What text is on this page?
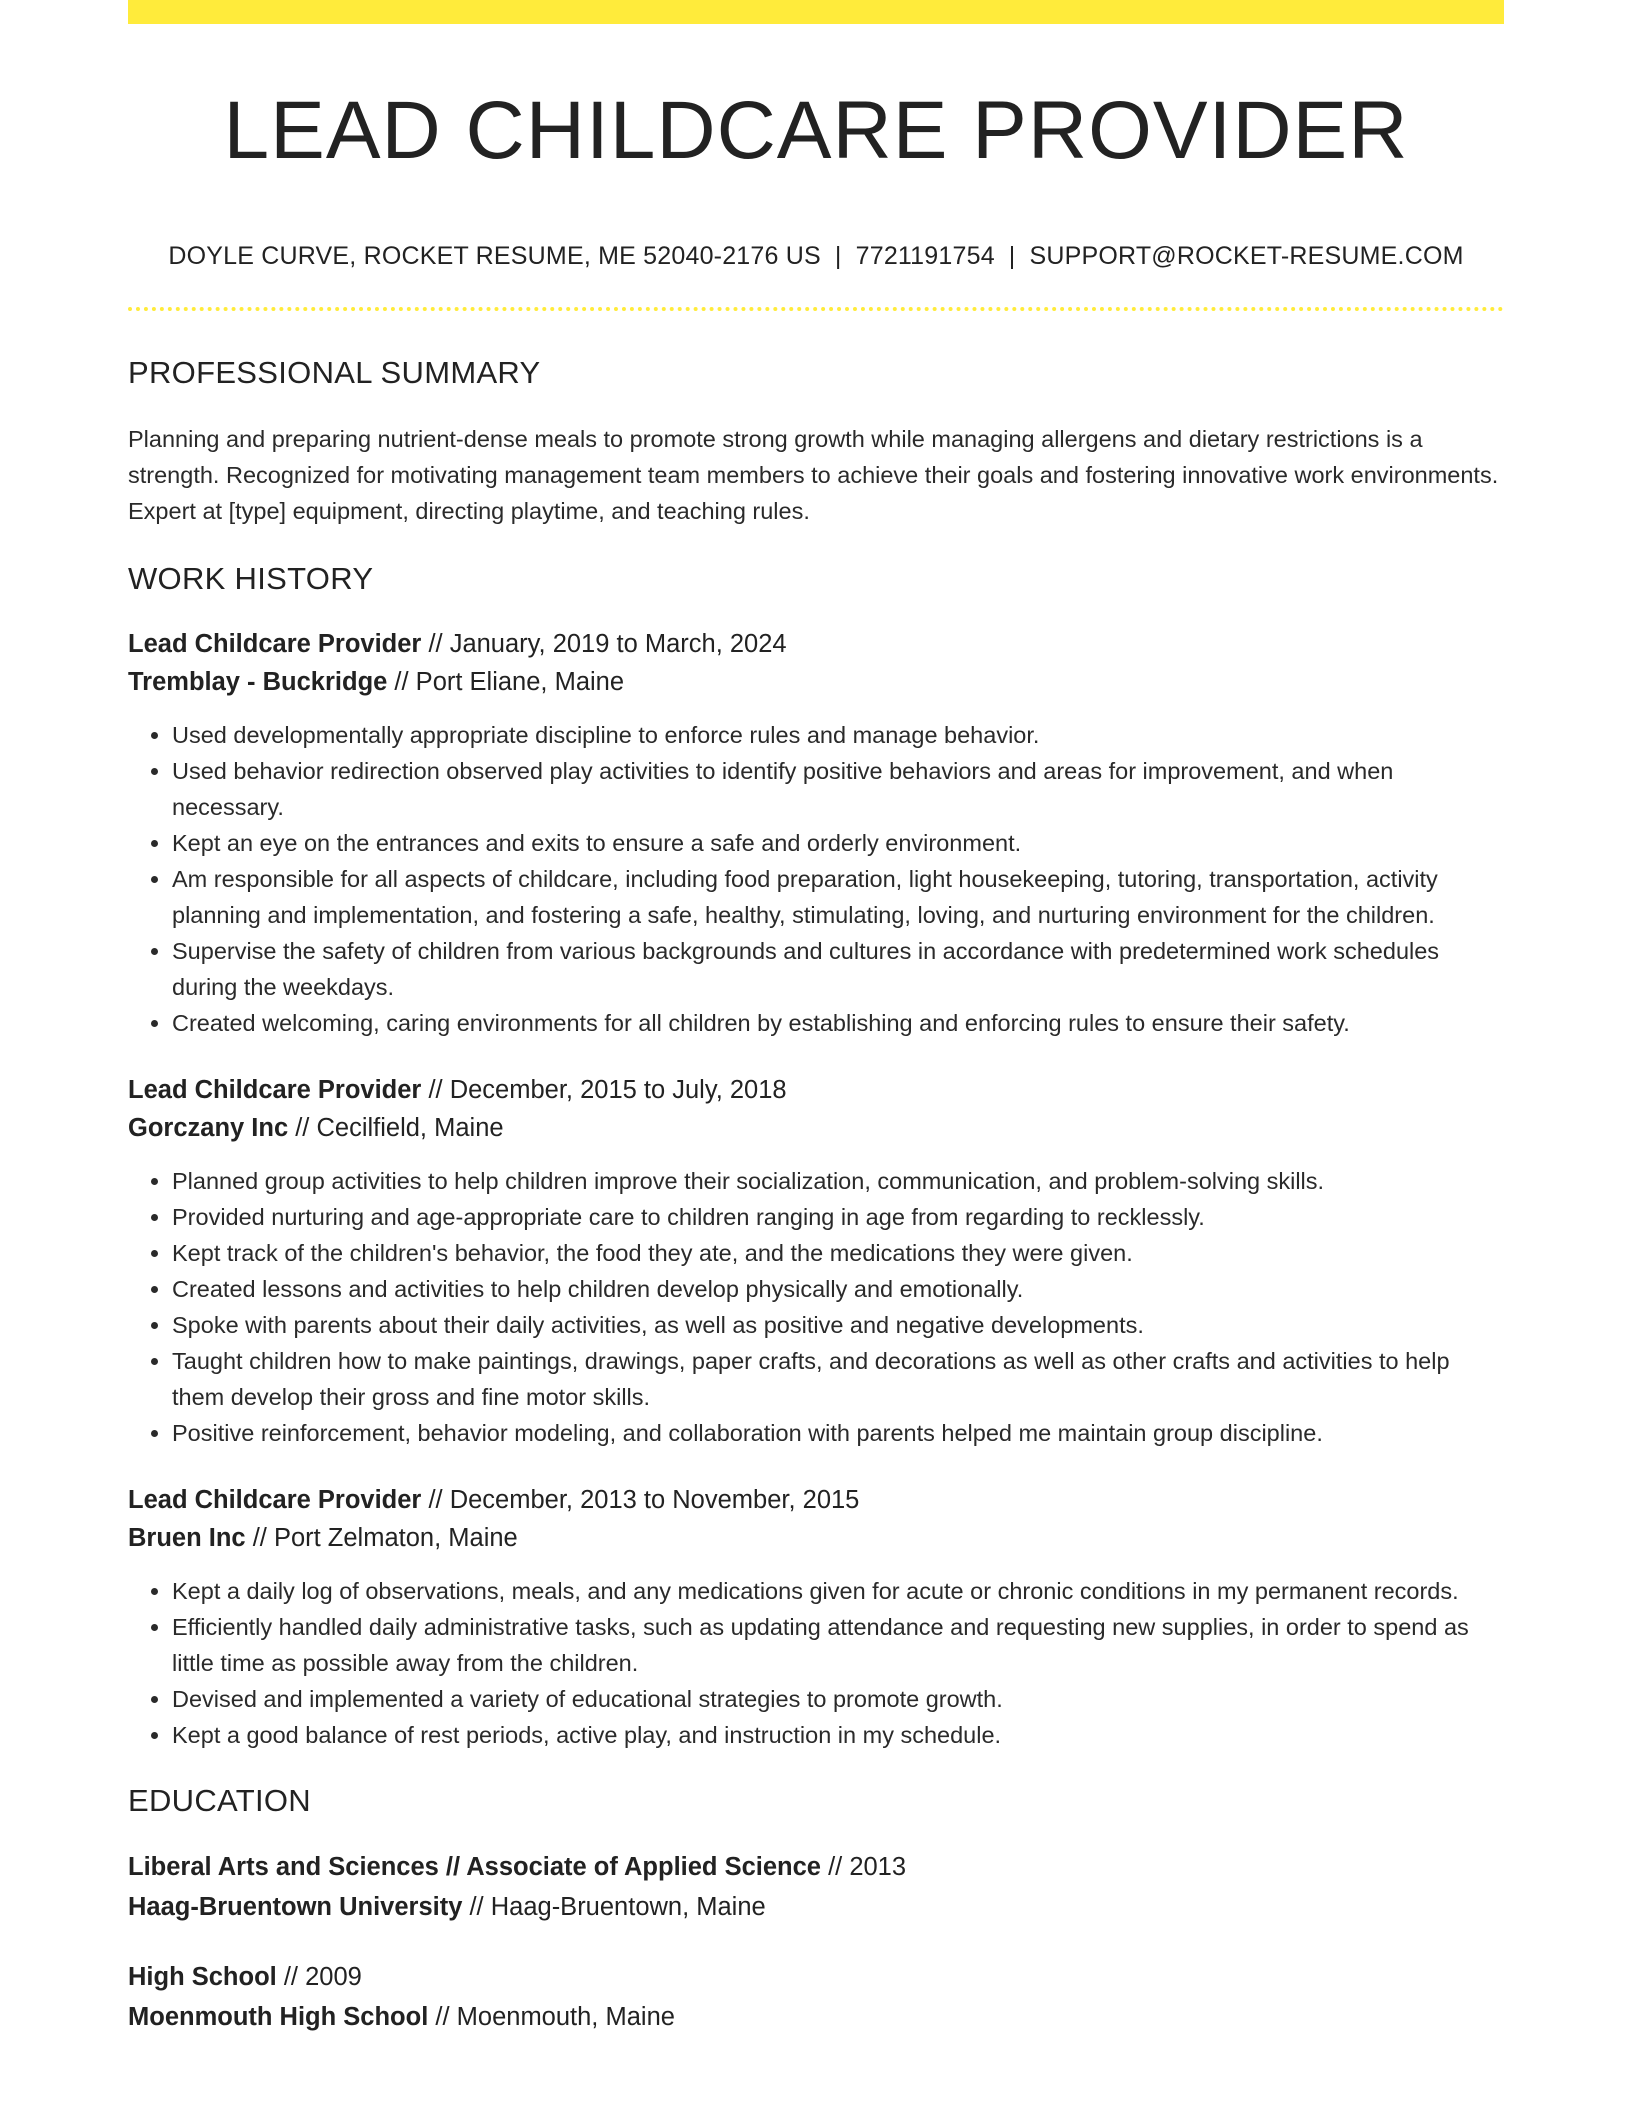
LEAD CHILDCARE PROVIDER
DOYLE CURVE, ROCKET RESUME, ME 52040-2176 US | 7721191754 | SUPPORT@ROCKET-RESUME.COM
PROFESSIONAL SUMMARY

Planning and preparing nutrient-dense meals to promote strong growth while managing allergens and dietary restrictions is a strength. Recognized for motivating management team members to achieve their goals and fostering innovative work environments. Expert at [type] equipment, directing playtime, and teaching rules.

WORK HISTORY
Lead Childcare Provider // January, 2019 to March, 2024
Tremblay - Buckridge // Port Eliane, Maine
• Used developmentally appropriate discipline to enforce rules and manage behavior.
• Used behavior redirection observed play activities to identify positive behaviors and areas for improvement, and when necessary.
• Kept an eye on the entrances and exits to ensure a safe and orderly environment.
• Am responsible for all aspects of childcare, including food preparation, light housekeeping, tutoring, transportation, activity planning and implementation, and fostering a safe, healthy, stimulating, loving, and nurturing environment for the children.
• Supervise the safety of children from various backgrounds and cultures in accordance with predetermined work schedules during the weekdays.
• Created welcoming, caring environments for all children by establishing and enforcing rules to ensure their safety.
Lead Childcare Provider // December, 2015 to July, 2018
Gorczany Inc // Cecilfield, Maine
• Planned group activities to help children improve their socialization, communication, and problem-solving skills.
• Provided nurturing and age-appropriate care to children ranging in age from regarding to recklessly.
• Kept track of the children's behavior, the food they ate, and the medications they were given.
• Created lessons and activities to help children develop physically and emotionally.
• Spoke with parents about their daily activities, as well as positive and negative developments.
• Taught children how to make paintings, drawings, paper crafts, and decorations as well as other crafts and activities to help them develop their gross and fine motor skills.
• Positive reinforcement, behavior modeling, and collaboration with parents helped me maintain group discipline.
Lead Childcare Provider // December, 2013 to November, 2015
Bruen Inc // Port Zelmaton, Maine
• Kept a daily log of observations, meals, and any medications given for acute or chronic conditions in my permanent records.
• Efficiently handled daily administrative tasks, such as updating attendance and requesting new supplies, in order to spend as little time as possible away from the children.
• Devised and implemented a variety of educational strategies to promote growth.
• Kept a good balance of rest periods, active play, and instruction in my schedule.
EDUCATION
Liberal Arts and Sciences // Associate of Applied Science // 2013
Haag-Bruentown University // Haag-Bruentown, Maine
High School // 2009
Moenmouth High School // Moenmouth, Maine
